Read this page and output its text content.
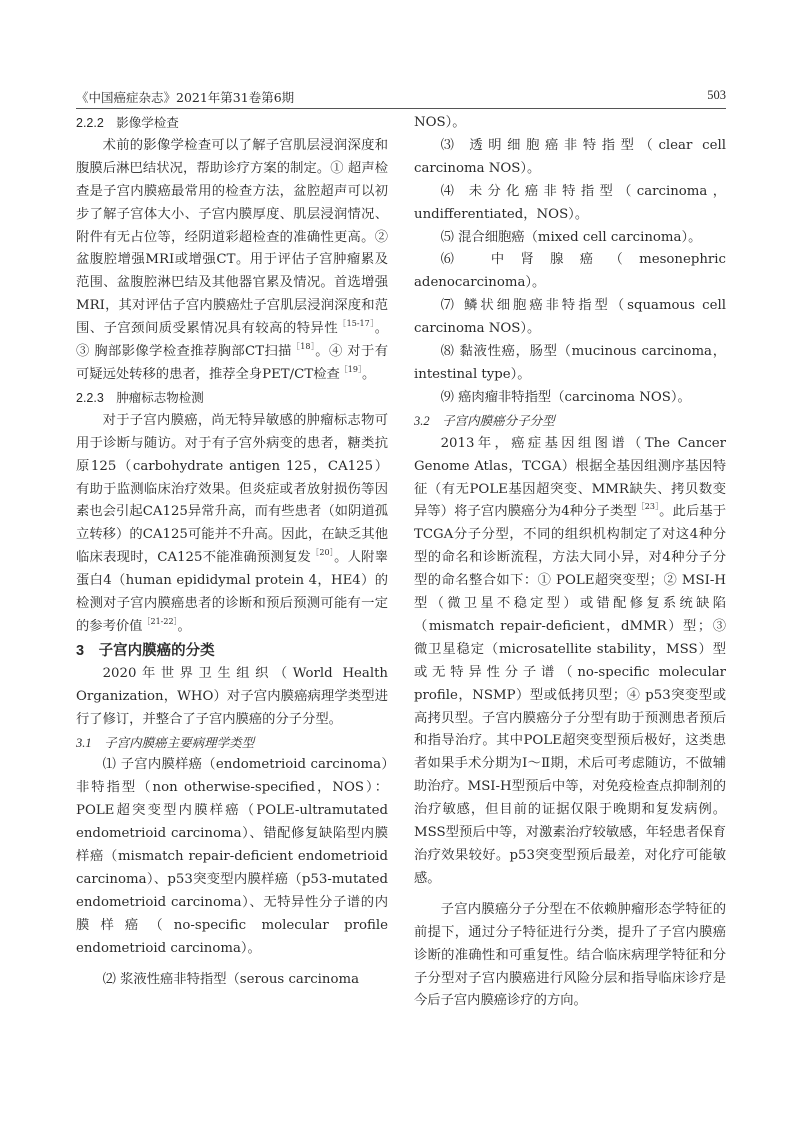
《中国癌症杂志》2021年第31卷第6期	503
2.2.2　影像学检查

术前的影像学检查可以了解子宫肌层浸润深度和腹膜后淋巴结状况，帮助诊疗方案的制定。① 超声检查是子宫内膜癌最常用的检查方法，盆腔超声可以初步了解子宫体大小、子宫内膜厚度、肌层浸润情况、附件有无占位等，经阴道彩超检查的准确性更高。② 盆腹腔增强MRI或增强CT。用于评估子宫肿瘤累及范围、盆腹腔淋巴结及其他器官累及情况。首选增强MRI，其对评估子宫内膜癌灶子宫肌层浸润深度和范围、子宫颈间质受累情况具有较高的特异性$^{[15-17]}$。③ 胸部影像学检查推荐胸部CT扫描$^{[18]}$。④ 对于有可疑远处转移的患者，推荐全身PET/CT检查$^{[19]}$。

2.2.3　肿瘤标志物检测

对于子宫内膜癌，尚无特异敏感的肿瘤标志物可用于诊断与随访。对于有子宫外病变的患者，糖类抗原125（carbohydrate antigen 125，CA125）有助于监测临床治疗效果。但炎症或者放射损伤等因素也会引起CA125异常升高，而有些患者（如阴道孤立转移）的CA125可能并不升高。因此，在缺乏其他临床表现时，CA125不能准确预测复发$^{[20]}$。人附睾蛋白4（human epididymal protein 4，HE4）的检测对子宫内膜癌患者的诊断和预后预测可能有一定的参考价值$^{[21-22]}$。

3　子宫内膜癌的分类

2020年世界卫生组织（World Health Organization，WHO）对子宫内膜癌病理学类型进行了修订，并整合了子宫内膜癌的分子分型。

3.1　子宫内膜癌主要病理学类型

⑴ 子宫内膜样癌（endometrioid carcinoma）非特指型（non otherwise-specified，NOS）：POLE超突变型内膜样癌（POLE-ultramutated endometrioid carcinoma）、错配修复缺陷型内膜样癌（mismatch repair-deficient endometrioid carcinoma）、p53突变型内膜样癌（p53-mutated endometrioid carcinoma）、无特异性分子谱的内膜样癌（no-specific molecular profile endometrioid carcinoma）。

⑵ 浆液性癌非特指型（serous carcinoma

NOS）。

⑶ 透明细胞癌非特指型（clear cell carcinoma NOS）。

⑷ 未分化癌非特指型（carcinoma，undifferentiated，NOS）。

⑸ 混合细胞癌（mixed cell carcinoma）。

⑹ 中肾腺癌（mesonephric adenocarcinoma）。

⑺ 鳞状细胞癌非特指型（squamous cell carcinoma NOS）。

⑻ 黏液性癌，肠型（mucinous carcinoma，intestinal type）。

⑼ 癌肉瘤非特指型（carcinoma NOS）。

3.2　子宫内膜癌分子分型

2013年，癌症基因组图谱（The Cancer Genome Atlas，TCGA）根据全基因组测序基因特征（有无POLE基因超突变、MMR缺失、拷贝数变异等）将子宫内膜癌分为4种分子类型$^{[23]}$。此后基于TCGA分子分型，不同的组织机构制定了对这4种分型的命名和诊断流程，方法大同小异，对4种分子分型的命名整合如下：① POLE超突变型；② MSI-H型（微卫星不稳定型）或错配修复系统缺陷（mismatch repair-deficient，dMMR）型；③ 微卫星稳定（microsatellite stability，MSS）型或无特异性分子谱（no-specific molecular profile，NSMP）型或低拷贝型；④ p53突变型或高拷贝型。子宫内膜癌分子分型有助于预测患者预后和指导治疗。其中POLE超突变型预后极好，这类患者如果手术分期为Ⅰ～Ⅱ期，术后可考虑随访，不做辅助治疗。MSI-H型预后中等，对免疫检查点抑制剂的治疗敏感，但目前的证据仅限于晚期和复发病例。MSS型预后中等，对激素治疗较敏感，年轻患者保育治疗效果较好。p53突变型预后最差，对化疗可能敏感。

子宫内膜癌分子分型在不依赖肿瘤形态学特征的前提下，通过分子特征进行分类，提升了子宫内膜癌诊断的准确性和可重复性。结合临床病理学特征和分子分型对子宫内膜癌进行风险分层和指导临床诊疗是今后子宫内膜癌诊疗的方向。
